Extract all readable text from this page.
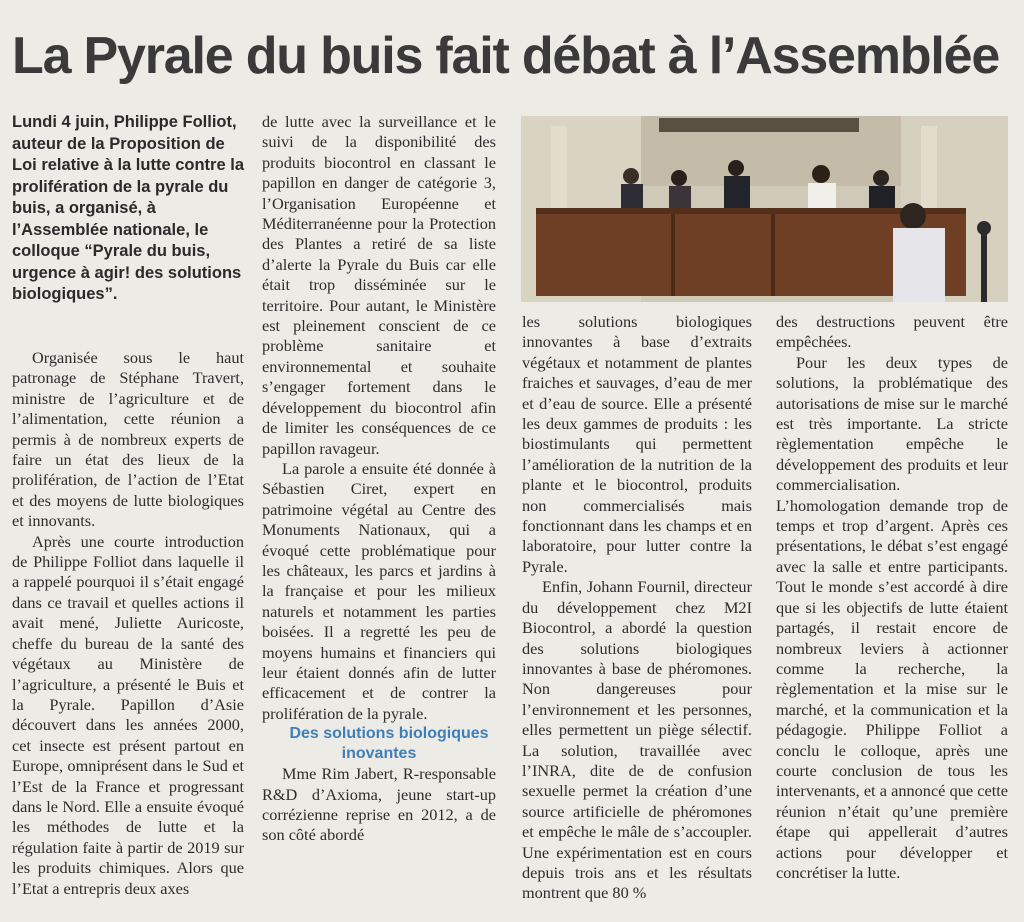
La Pyrale du buis fait débat à l’Assemblée
Lundi 4 juin, Philippe Folliot, auteur de la Proposition de Loi relative à la lutte contre la prolifération de la pyrale du buis, a organisé, à l’Assemblée nationale, le colloque “Pyrale du buis, urgence à agir! des solutions biologiques”.

Organisée sous le haut patronage de Stéphane Travert, ministre de l’agriculture et de l’alimentation, cette réunion a permis à de nombreux experts de faire un état des lieux de la prolifération, de l’action de l’Etat et des moyens de lutte biologiques et innovants.

Après une courte introduction de Philippe Folliot dans laquelle il a rappelé pourquoi il s’était engagé dans ce travail et quelles actions il avait mené, Juliette Auricoste, cheffe du bureau de la santé des végétaux au Ministère de l’agriculture, a présenté le Buis et la Pyrale. Papillon d’Asie découvert dans les années 2000, cet insecte est présent partout en Europe, omniprésent dans le Sud et l’Est de la France et progressant dans le Nord. Elle a ensuite évoqué les méthodes de lutte et la régulation faite à partir de 2019 sur les produits chimiques. Alors que l’Etat a entrepris deux axes

de lutte avec la surveillance et le suivi de la disponibilité des produits biocontrol en classant le papillon en danger de catégorie 3, l’Organisation Européenne et Méditerranéenne pour la Protection des Plantes a retiré de sa liste d’alerte la Pyrale du Buis car elle était trop disséminée sur le territoire. Pour autant, le Ministère est pleinement conscient de ce problème sanitaire et environnemental et souhaite s’engager fortement dans le développement du biocontrol afin de limiter les conséquences de ce papillon ravageur.

La parole a ensuite été donnée à Sébastien Ciret, expert en patrimoine végétal au Centre des Monuments Nationaux, qui a évoqué cette problématique pour les châteaux, les parcs et jardins à la française et pour les milieux naturels et notamment les parties boisées. Il a regretté les peu de moyens humains et financiers qui leur étaient donnés afin de lutter efficacement et de contrer la prolifération de la pyrale.

Des solutions biologiques inovantes

Mme Rim Jabert, R-responsable R&D d’Axioma, jeune start-up corrézienne reprise en 2012, a de son côté abordé

les solutions biologiques innovantes à base d’extraits végétaux et notamment de plantes fraiches et sauvages, d’eau de mer et d’eau de source. Elle a présenté les deux gammes de produits : les biostimulants qui permettent l’amélioration de la nutrition de la plante et le biocontrol, produits non commercialisés mais fonctionnant dans les champs et en laboratoire, pour lutter contre la Pyrale.

Enfin, Johann Fournil, directeur du développement chez M2I Biocontrol, a abordé la question des solutions biologiques innovantes à base de phéromones. Non dangereuses pour l’environnement et les personnes, elles permettent un piège sélectif. La solution, travaillée avec l’INRA, dite de de confusion sexuelle permet la création d’une source artificielle de phéromones et empêche le mâle de s’accoupler. Une expérimentation est en cours depuis trois ans et les résultats montrent que 80 %

des destructions peuvent être empêchées.

Pour les deux types de solutions, la problématique des autorisations de mise sur le marché est très importante. La stricte règlementation empêche le développement des produits et leur commercialisation. L’homologation demande trop de temps et trop d’argent. Après ces présentations, le débat s’est engagé avec la salle et entre participants. Tout le monde s’est accordé à dire que si les objectifs de lutte étaient partagés, il restait encore de nombreux leviers à actionner comme la recherche, la règlementation et la mise sur le marché, et la communication et la pédagogie. Philippe Folliot a conclu le colloque, après une courte conclusion de tous les intervenants, et a annoncé que cette réunion n’était qu’une première étape qui appellerait d’autres actions pour développer et concrétiser la lutte.
